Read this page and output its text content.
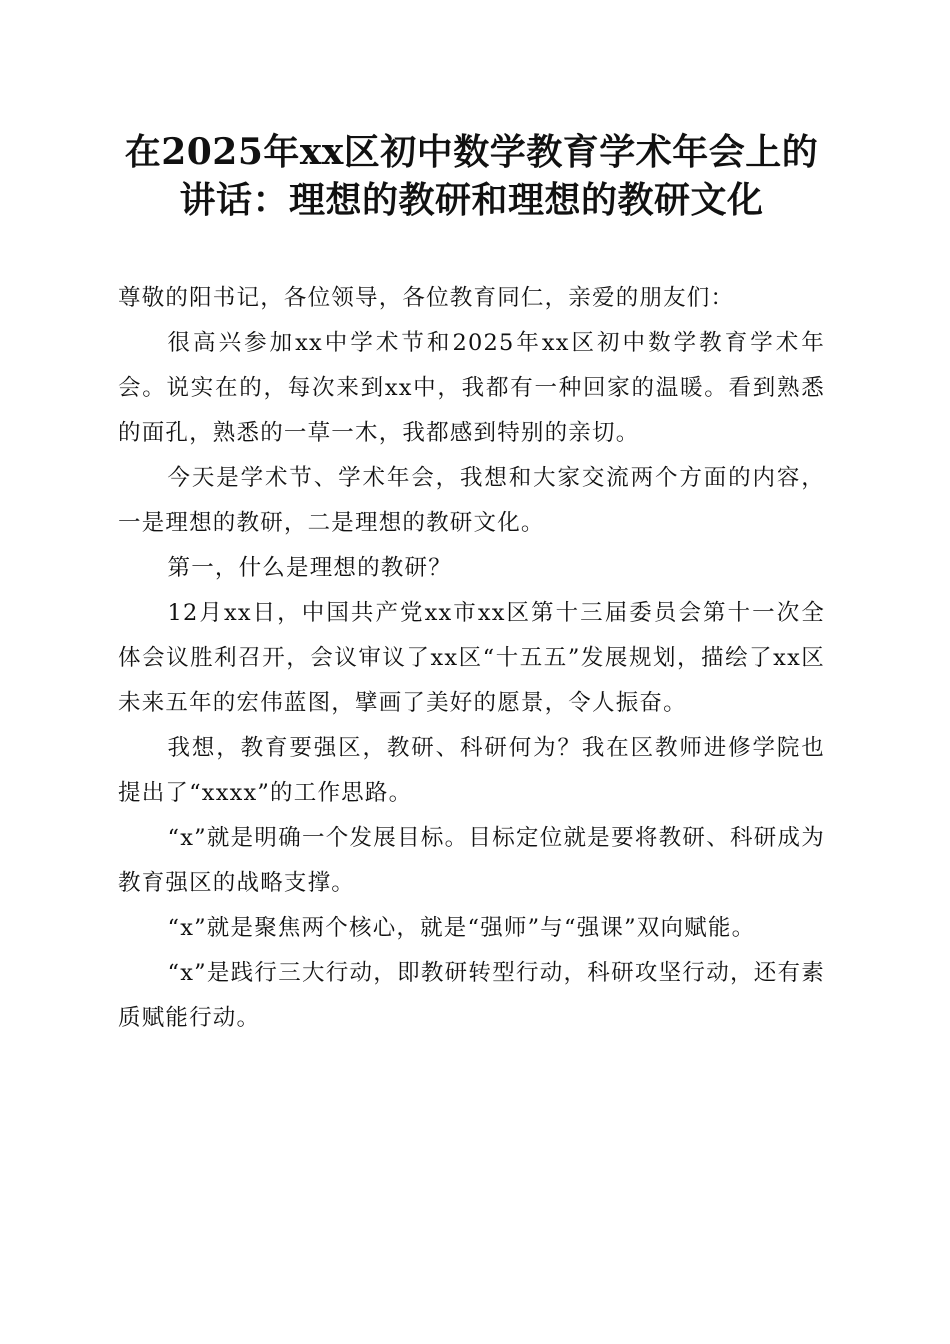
在2025年xx区初中数学教育学术年会上的讲话：理想的教研和理想的教研文化

尊敬的阳书记，各位领导，各位教育同仁，亲爱的朋友们：

很高兴参加xx中学术节和2025年xx区初中数学教育学术年会。说实在的，每次来到xx中，我都有一种回家的温暖。看到熟悉的面孔，熟悉的一草一木，我都感到特别的亲切。

今天是学术节、学术年会，我想和大家交流两个方面的内容，一是理想的教研，二是理想的教研文化。

第一，什么是理想的教研？

12月xx日，中国共产党xx市xx区第十三届委员会第十一次全体会议胜利召开，会议审议了xx区“十五五”发展规划，描绘了xx区未来五年的宏伟蓝图，擘画了美好的愿景，令人振奋。

我想，教育要强区，教研、科研何为？我在区教师进修学院也提出了“xxxx”的工作思路。

“x”就是明确一个发展目标。目标定位就是要将教研、科研成为教育强区的战略支撑。

“x”就是聚焦两个核心，就是“强师”与“强课”双向赋能。

“x”是践行三大行动，即教研转型行动，科研攻坚行动，还有素质赋能行动。
